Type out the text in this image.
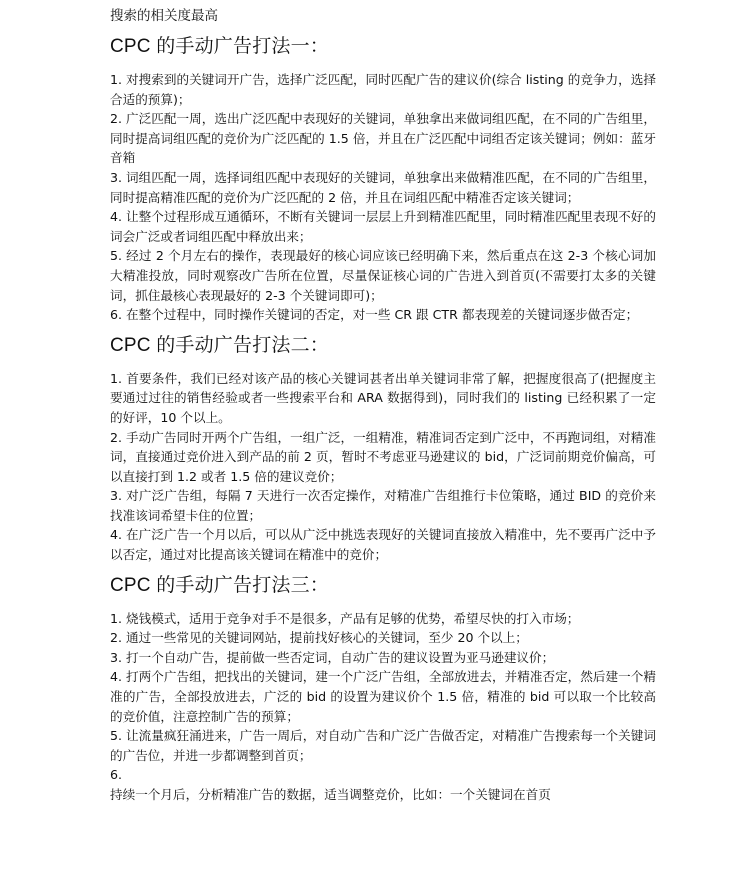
搜索的相关度最高

CPC 的手动广告打法一：

1. 对搜索到的关键词开广告，选择广泛匹配，同时匹配广告的建议价(综合 listing 的竞争力，选择合适的预算)；

2. 广泛匹配一周，选出广泛匹配中表现好的关键词，单独拿出来做词组匹配，在不同的广告组里，同时提高词组匹配的竞价为广泛匹配的 1.5 倍，并且在广泛匹配中词组否定该关键词；例如：蓝牙音箱

3. 词组匹配一周，选择词组匹配中表现好的关键词，单独拿出来做精准匹配，在不同的广告组里，同时提高精准匹配的竞价为广泛匹配的 2 倍，并且在词组匹配中精准否定该关键词；

4. 让整个过程形成互通循环，不断有关键词一层层上升到精准匹配里，同时精准匹配里表现不好的词会广泛或者词组匹配中释放出来；

5. 经过 2 个月左右的操作，表现最好的核心词应该已经明确下来，然后重点在这 2-3 个核心词加大精准投放，同时观察改广告所在位置，尽量保证核心词的广告进入到首页(不需要打太多的关键词，抓住最核心表现最好的 2-3 个关键词即可)；

6. 在整个过程中，同时操作关键词的否定，对一些 CR 跟 CTR 都表现差的关键词逐步做否定；

CPC 的手动广告打法二：

1. 首要条件，我们已经对该产品的核心关键词甚者出单关键词非常了解，把握度很高了(把握度主要通过过往的销售经验或者一些搜索平台和 ARA 数据得到)，同时我们的 listing 已经积累了一定的好评，10 个以上。

2. 手动广告同时开两个广告组，一组广泛，一组精准，精准词否定到广泛中，不再跑词组，对精准词，直接通过竞价进入到产品的前 2 页，暂时不考虑亚马逊建议的 bid，广泛词前期竞价偏高，可以直接打到 1.2 或者 1.5 倍的建议竞价；

3. 对广泛广告组，每隔 7 天进行一次否定操作，对精准广告组推行卡位策略，通过 BID 的竞价来找准该词希望卡住的位置；

4. 在广泛广告一个月以后，可以从广泛中挑选表现好的关键词直接放入精准中，先不要再广泛中予以否定，通过对比提高该关键词在精准中的竞价；

CPC 的手动广告打法三：

1. 烧钱模式，适用于竞争对手不是很多，产品有足够的优势，希望尽快的打入市场；

2. 通过一些常见的关键词网站，提前找好核心的关键词，至少 20 个以上；

3. 打一个自动广告，提前做一些否定词，自动广告的建议设置为亚马逊建议价；

4. 打两个广告组，把找出的关键词，建一个广泛广告组，全部放进去，并精准否定，然后建一个精准的广告，全部投放进去，广泛的 bid 的设置为建议价个 1.5 倍，精准的 bid 可以取一个比较高的竞价值，注意控制广告的预算；

5. 让流量疯狂涌进来，广告一周后，对自动广告和广泛广告做否定，对精准广告搜索每一个关键词的广告位，并进一步都调整到首页；

6.

持续一个月后，分析精准广告的数据，适当调整竞价，比如：一个关键词在首页
